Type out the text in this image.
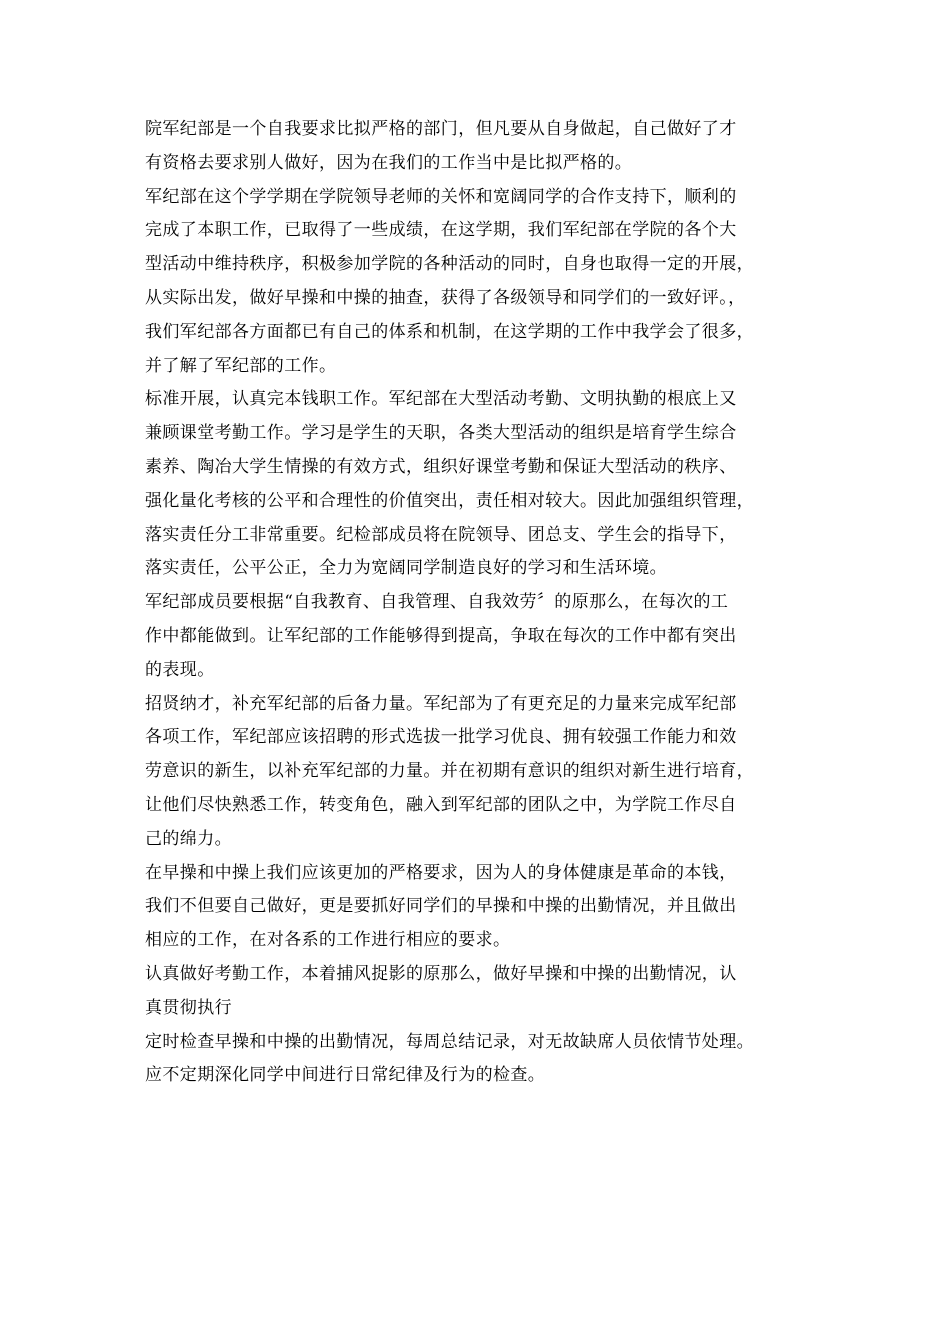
院军纪部是一个自我要求比拟严格的部门，但凡要从自身做起，自己做好了才
有资格去要求别人做好，因为在我们的工作当中是比拟严格的。
军纪部在这个学学期在学院领导老师的关怀和宽阔同学的合作支持下，顺利的
完成了本职工作，已取得了一些成绩，在这学期，我们军纪部在学院的各个大
型活动中维持秩序，积极参加学院的各种活动的同时，自身也取得一定的开展，
从实际出发，做好早操和中操的抽查，获得了各级领导和同学们的一致好评。，
我们军纪部各方面都已有自己的体系和机制，在这学期的工作中我学会了很多，
并了解了军纪部的工作。
标准开展，认真完本钱职工作。军纪部在大型活动考勤、文明执勤的根底上又
兼顾课堂考勤工作。学习是学生的天职，各类大型活动的组织是培育学生综合
素养、陶冶大学生情操的有效方式，组织好课堂考勤和保证大型活动的秩序、
强化量化考核的公平和合理性的价值突出，责任相对较大。因此加强组织管理，
落实责任分工非常重要。纪检部成员将在院领导、团总支、学生会的指导下，
落实责任，公平公正，全力为宽阔同学制造良好的学习和生活环境。
军纪部成员要根据“自我教育、自我管理、自我效劳〞的原那么，在每次的工
作中都能做到。让军纪部的工作能够得到提高，争取在每次的工作中都有突出
的表现。
招贤纳才，补充军纪部的后备力量。军纪部为了有更充足的力量来完成军纪部
各项工作，军纪部应该招聘的形式选拔一批学习优良、拥有较强工作能力和效
劳意识的新生，以补充军纪部的力量。并在初期有意识的组织对新生进行培育，
让他们尽快熟悉工作，转变角色，融入到军纪部的团队之中，为学院工作尽自
己的绵力。
在早操和中操上我们应该更加的严格要求，因为人的身体健康是革命的本钱，
我们不但要自己做好，更是要抓好同学们的早操和中操的出勤情况，并且做出
相应的工作，在对各系的工作进行相应的要求。
认真做好考勤工作，本着捕风捉影的原那么，做好早操和中操的出勤情况，认
真贯彻执行
定时检查早操和中操的出勤情况，每周总结记录，对无故缺席人员依情节处理。
应不定期深化同学中间进行日常纪律及行为的检查。
